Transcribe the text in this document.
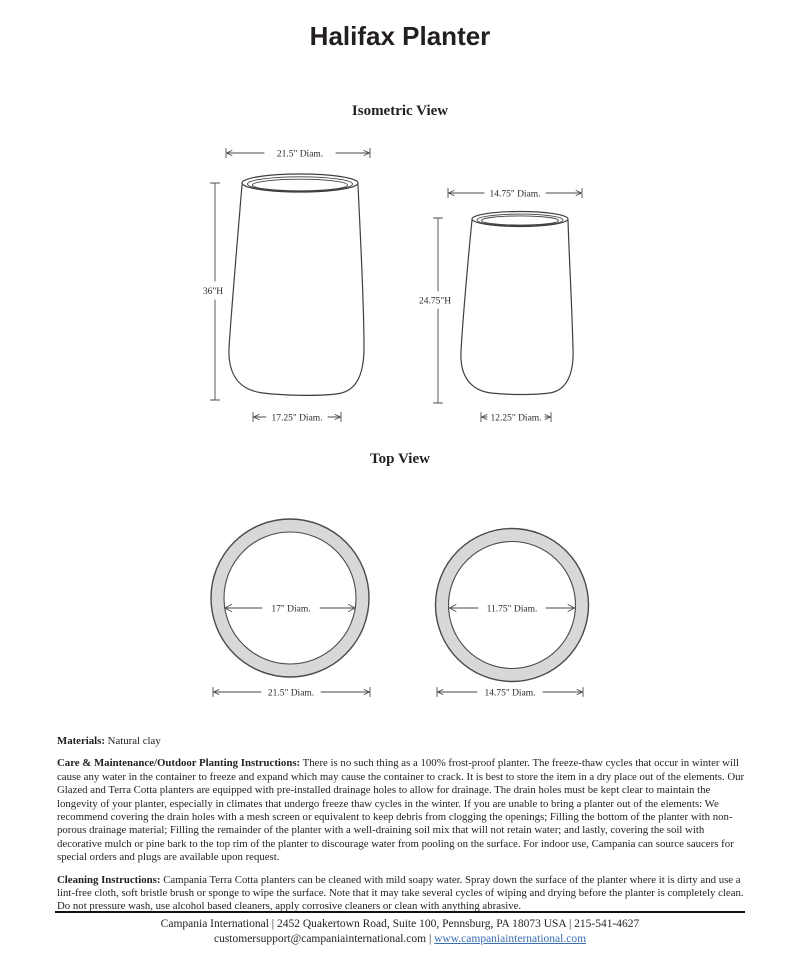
Halifax Planter
Isometric View
Top View
21.5" Diam.
36"H
17.25" Diam.
14.75" Diam.
24.75"H
12.25" Diam.
17" Diam.
21.5" Diam.
11.75" Diam.
14.75" Diam.

Materials: Natural clay

Care & Maintenance/Outdoor Planting Instructions: There is no such thing as a 100% frost-proof planter. The freeze-thaw cycles that occur in winter will cause any water in the container to freeze and expand which may cause the container to crack. It is best to store the item in a dry place out of the elements. Our Glazed and Terra Cotta planters are equipped with pre-installed drainage holes to allow for drainage. The drain holes must be kept clear to maintain the longevity of your planter, especially in climates that undergo freeze thaw cycles in the winter. If you are unable to bring a planter out of the elements: We recommend covering the drain holes with a mesh screen or equivalent to keep debris from clogging the openings; Filling the bottom of the planter with non-porous drainage material; Filling the remainder of the planter with a well-draining soil mix that will not retain water; and lastly, covering the soil with decorative mulch or pine bark to the top rim of the planter to discourage water from pooling on the surface. For indoor use, Campania can source saucers for special orders and plugs are available upon request.

Cleaning Instructions: Campania Terra Cotta planters can be cleaned with mild soapy water. Spray down the surface of the planter where it is dirty and use a lint-free cloth, soft bristle brush or sponge to wipe the surface. Note that it may take several cycles of wiping and drying before the planter is completely clean. Do not pressure wash, use alcohol based cleaners, apply corrosive cleaners or clean with anything abrasive.

Campania International | 2452 Quakertown Road, Suite 100, Pennsburg, PA 18073 USA | 215-541-4627
customersupport@campaniainternational.com | www.campaniainternational.com
